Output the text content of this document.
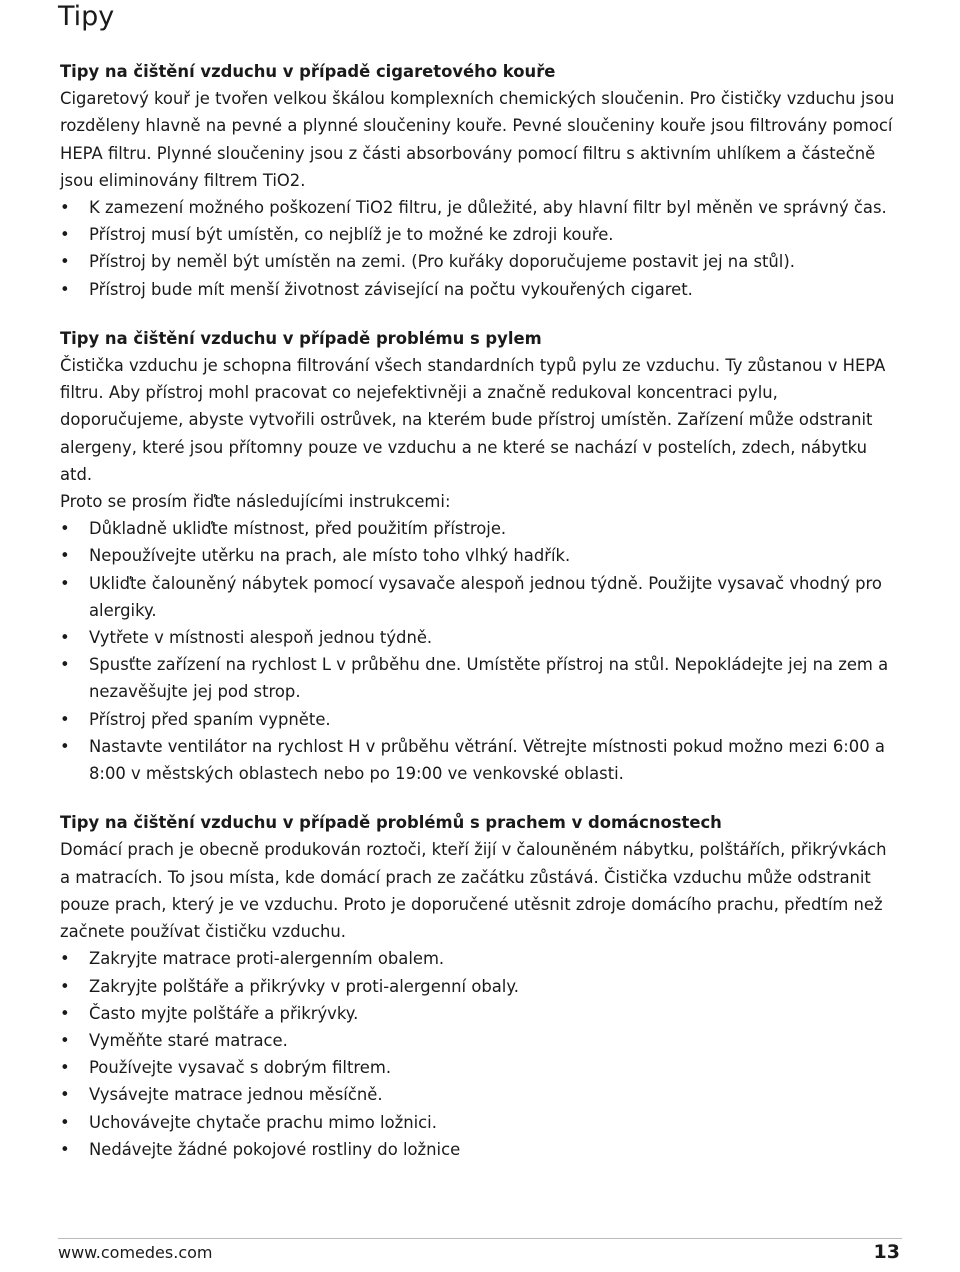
Tipy
Tipy na čištění vzduchu v případě cigaretového kouře

Cigaretový kouř je tvořen velkou škálou komplexních chemických sloučenin. Pro čističky vzduchu jsou rozděleny hlavně na pevné a plynné sloučeniny kouře. Pevné sloučeniny kouře jsou filtrovány pomocí HEPA filtru. Plynné sloučeniny jsou z části absorbovány pomocí filtru s aktivním uhlíkem a částečně jsou eliminovány filtrem TiO2.

• K zamezení možného poškození TiO2 filtru, je důležité, aby hlavní filtr byl měněn ve správný čas.
• Přístroj musí být umístěn, co nejblíž je to možné ke zdroji kouře.
• Přístroj by neměl být umístěn na zemi. (Pro kuřáky doporučujeme postavit jej na stůl).
• Přístroj bude mít menší životnost závisející na počtu vykouřených cigaret.
Tipy na čištění vzduchu v případě problému s pylem

Čistička vzduchu je schopna filtrování všech standardních typů pylu ze vzduchu. Ty zůstanou v HEPA filtru. Aby přístroj mohl pracovat co nejefektivněji a značně redukoval koncentraci pylu, doporučujeme, abyste vytvořili ostrůvek, na kterém bude přístroj umístěn. Zařízení může odstranit alergeny, které jsou přítomny pouze ve vzduchu a ne které se nachází v postelích, zdech, nábytku atd.

Proto se prosím řiďte následujícími instrukcemi:

• Důkladně ukliďte místnost, před použitím přístroje.
• Nepoužívejte utěrku na prach, ale místo toho vlhký hadřík.
• Ukliďte čalouněný nábytek pomocí vysavače alespoň jednou týdně. Použijte vysavač vhodný pro alergiky.
• Vytřete v místnosti alespoň jednou týdně.
• Spusťte zařízení na rychlost L v průběhu dne. Umístěte přístroj na stůl. Nepokládejte jej na zem a nezavěšujte jej pod strop.
• Přístroj před spaním vypněte.
• Nastavte ventilátor na rychlost H v průběhu větrání. Větrejte místnosti pokud možno mezi 6:00 a 8:00 v městských oblastech nebo po 19:00 ve venkovské oblasti.
Tipy na čištění vzduchu v případě problémů s prachem v domácnostech

Domácí prach je obecně produkován roztoči, kteří žijí v čalouněném nábytku, polštářích, přikrývkách a matracích. To jsou místa, kde domácí prach ze začátku zůstává. Čistička vzduchu může odstranit pouze prach, který je ve vzduchu. Proto je doporučené utěsnit zdroje domácího prachu, předtím než začnete používat čističku vzduchu.

• Zakryjte matrace proti-alergenním obalem.
• Zakryjte polštáře a přikrývky v proti-alergenní obaly.
• Často myjte polštáře a přikrývky.
• Vyměňte staré matrace.
• Používejte vysavač s dobrým filtrem.
• Vysávejte matrace jednou měsíčně.
• Uchovávejte chytače prachu mimo ložnici.
• Nedávejte žádné pokojové rostliny do ložnice
www.comedes.com	13
